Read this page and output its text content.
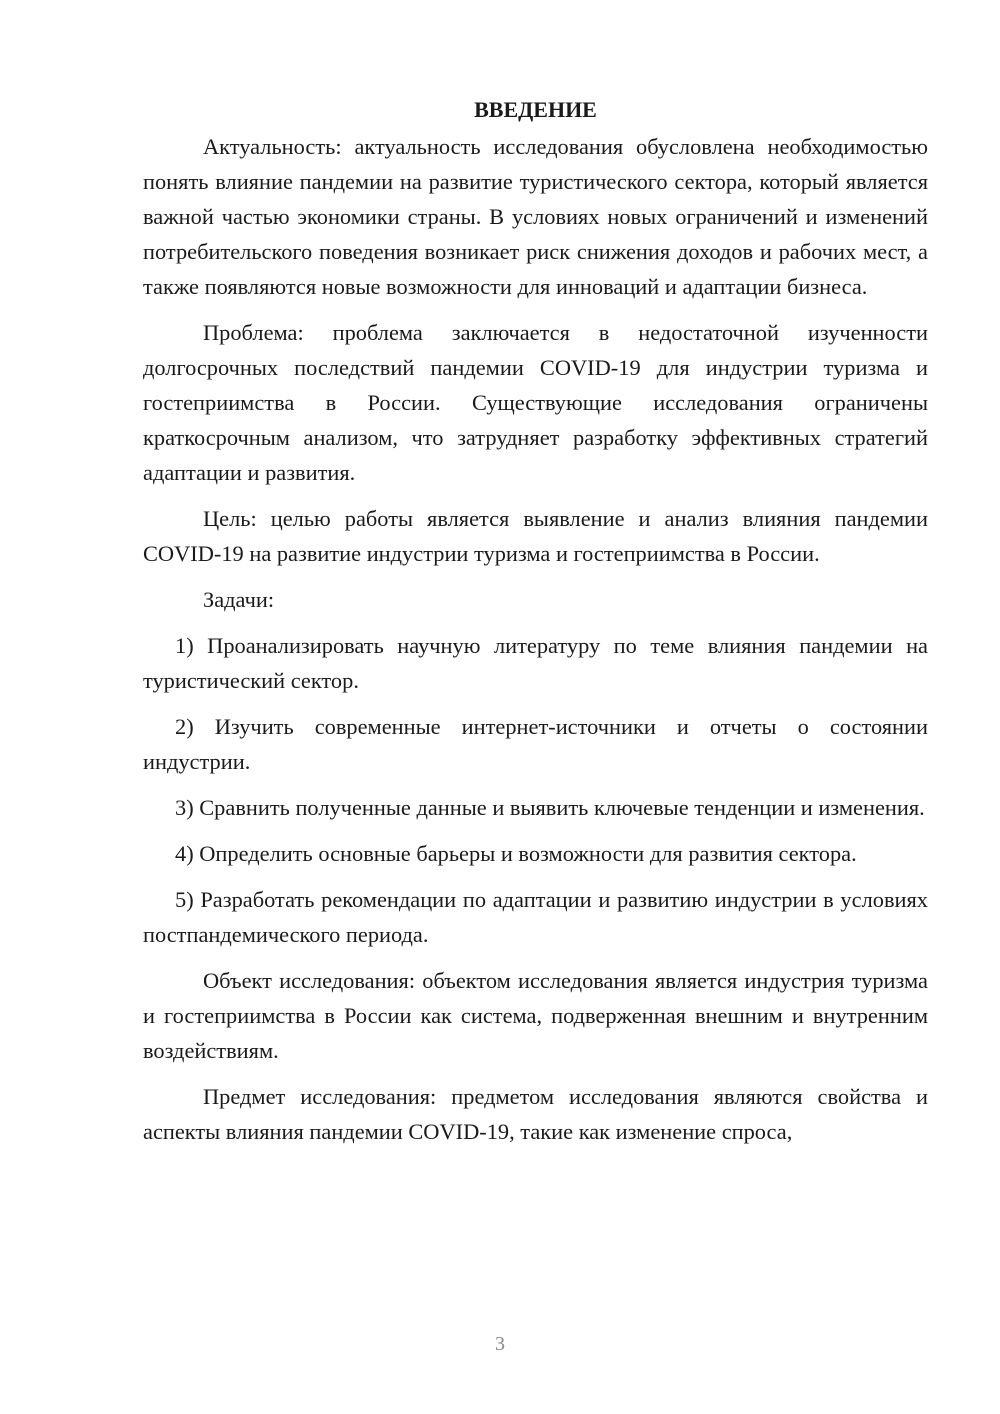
ВВЕДЕНИЕ

Актуальность: актуальность исследования обусловлена необходимостью понять влияние пандемии на развитие туристического сектора, который является важной частью экономики страны. В условиях новых ограничений и изменений потребительского поведения возникает риск снижения доходов и рабочих мест, а также появляются новые возможности для инноваций и адаптации бизнеса.

Проблема: проблема заключается в недостаточной изученности долгосрочных последствий пандемии COVID-19 для индустрии туризма и гостеприимства в России. Существующие исследования ограничены краткосрочным анализом, что затрудняет разработку эффективных стратегий адаптации и развития.

Цель: целью работы является выявление и анализ влияния пандемии COVID-19 на развитие индустрии туризма и гостеприимства в России.

Задачи:

1) Проанализировать научную литературу по теме влияния пандемии на туристический сектор.

2) Изучить современные интернет-источники и отчеты о состоянии индустрии.

3) Сравнить полученные данные и выявить ключевые тенденции и изменения.

4) Определить основные барьеры и возможности для развития сектора.

5) Разработать рекомендации по адаптации и развитию индустрии в условиях постпандемического периода.

Объект исследования: объектом исследования является индустрия туризма и гостеприимства в России как система, подверженная внешним и внутренним воздействиям.

Предмет исследования: предметом исследования являются свойства и аспекты влияния пандемии COVID-19, такие как изменение спроса,

3
